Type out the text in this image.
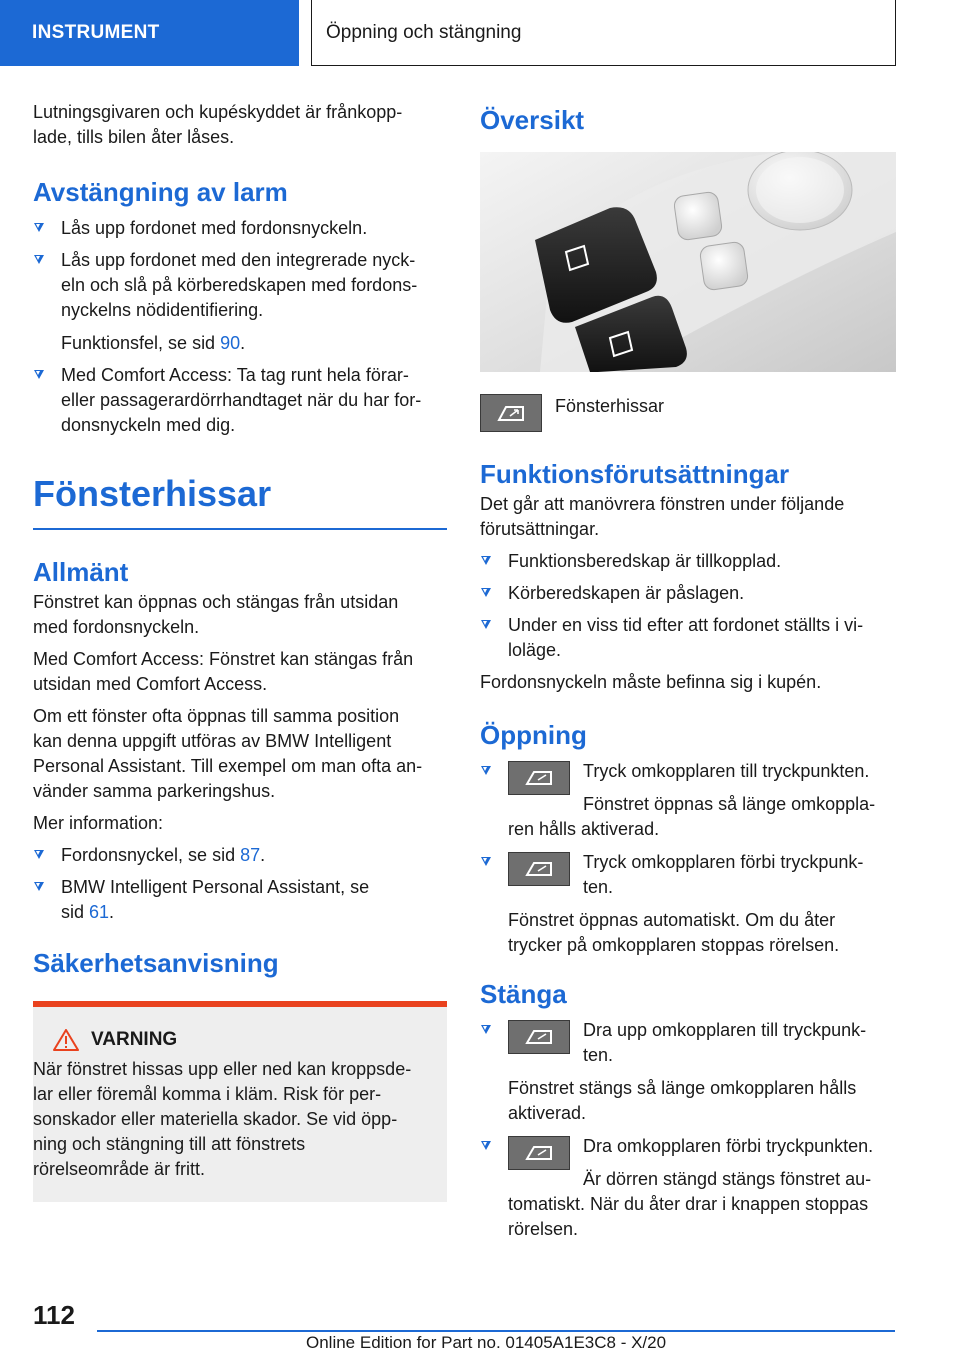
INSTRUMENT	Öppning och stängning

Lutningsgivaren och kupéskyddet är frånkopp-
lade, tills bilen åter låses.

Avstängning av larm
Lås upp fordonet med fordonsnyckeln.
Lås upp fordonet med den integrerade nyck-
eln och slå på körberedskapen med fordons-
nyckelns nödidentifiering.
Funktionsfel, se sid 90.
Med Comfort Access: Ta tag runt hela förar-
eller passagerardörrhandtaget när du har for-
donsnyckeln med dig.
Fönsterhissar
Allmänt

Fönstret kan öppnas och stängas från utsidan
med fordonsnyckeln.

Med Comfort Access: Fönstret kan stängas från
utsidan med Comfort Access.

Om ett fönster ofta öppnas till samma position
kan denna uppgift utföras av BMW Intelligent
Personal Assistant. Till exempel om man ofta an-
vänder samma parkeringshus.

Mer information:

Fordonsnyckel, se sid 87.
BMW Intelligent Personal Assistant, se
sid 61.
Säkerhetsanvisning
VARNING

När fönstret hissas upp eller ned kan kroppsde-
lar eller föremål komma i kläm. Risk för per-
sonskador eller materiella skador. Se vid öpp-
ning och stängning till att fönstrets
rörelseområde är fritt.

Översikt
Fönsterhissar
Funktionsförutsättningar

Det går att manövrera fönstren under följande
förutsättningar.

Funktionsberedskap är tillkopplad.
Körberedskapen är påslagen.
Under en viss tid efter att fordonet ställts i vi-
loläge.

Fordonsnyckeln måste befinna sig i kupén.

Öppning
Tryck omkopplaren till tryckpunkten.
Fönstret öppnas så länge omkoppla-
ren hålls aktiverad.
Tryck omkopplaren förbi tryckpunk-
ten.
Fönstret öppnas automatiskt. Om du åter
trycker på omkopplaren stoppas rörelsen.
Stänga
Dra upp omkopplaren till tryckpunk-
ten.
Fönstret stängs så länge omkopplaren hålls
aktiverad.
Dra omkopplaren förbi tryckpunkten.
Är dörren stängd stängs fönstret au-
tomatiskt. När du åter drar i knappen stoppas
rörelsen.
112
Online Edition for Part no. 01405A1E3C8 - X/20
